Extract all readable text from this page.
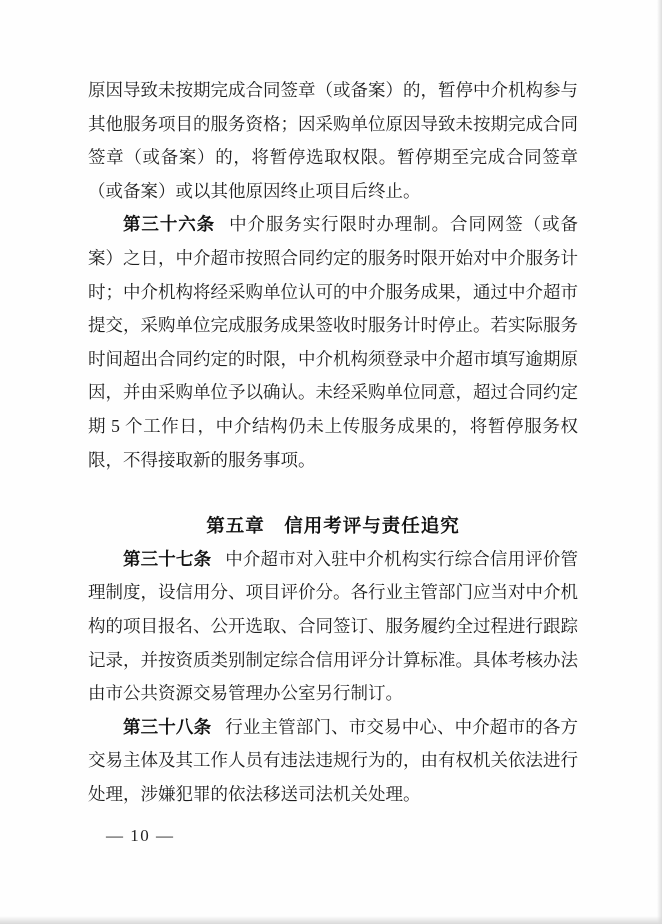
原因导致未按期完成合同签章（或备案）的，暂停中介机构参与其他服务项目的服务资格；因采购单位原因导致未按期完成合同签章（或备案）的，将暂停选取权限。暂停期至完成合同签章（或备案）或以其他原因终止项目后终止。

第三十六条 中介服务实行限时办理制。合同网签（或备案）之日，中介超市按照合同约定的服务时限开始对中介服务计时；中介机构将经采购单位认可的中介服务成果，通过中介超市提交，采购单位完成服务成果签收时服务计时停止。若实际服务时间超出合同约定的时限，中介机构须登录中介超市填写逾期原因，并由采购单位予以确认。未经采购单位同意，超过合同约定期 5 个工作日，中介结构仍未上传服务成果的，将暂停服务权限，不得接取新的服务事项。

第五章　信用考评与责任追究

第三十七条 中介超市对入驻中介机构实行综合信用评价管理制度，设信用分、项目评价分。各行业主管部门应当对中介机构的项目报名、公开选取、合同签订、服务履约全过程进行跟踪记录，并按资质类别制定综合信用评分计算标准。具体考核办法由市公共资源交易管理办公室另行制订。

第三十八条 行业主管部门、市交易中心、中介超市的各方交易主体及其工作人员有违法违规行为的，由有权机关依法进行处理，涉嫌犯罪的依法移送司法机关处理。

— 10 —
